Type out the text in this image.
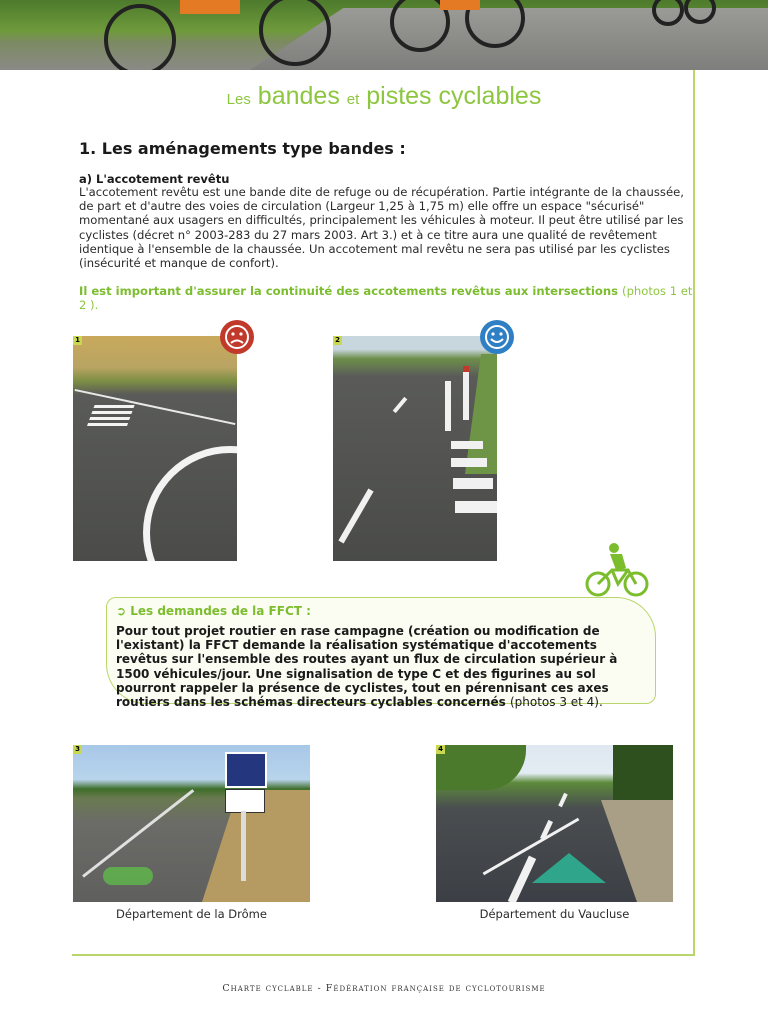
Les bandes et pistes cyclables
1. Les aménagements type bandes :
a) L'accotement revêtu
L'accotement revêtu est une bande dite de refuge ou de récupération. Partie intégrante de la chaussée, de part et d'autre des voies de circulation (Largeur 1,25 à 1,75 m) elle offre un espace "sécurisé" momentané aux usagers en difficultés, principalement les véhicules à moteur. Il peut être utilisé par les cyclistes (décret n° 2003-283 du 27 mars 2003. Art 3.) et à ce titre aura une qualité de revêtement identique à l'ensemble de la chaussée. Un accotement mal revêtu ne sera pas utilisé par les cyclistes (insécurité et manque de confort).
Il est important d'assurer la continuité des accotements revêtus aux intersections (photos 1 et 2 ).
1	2
➲ Les demandes de la FFCT :
Pour tout projet routier en rase campagne (création ou modification de l'existant) la FFCT demande la réalisation systématique d'accotements revêtus sur l'ensemble des routes ayant un flux de circulation supérieur à 1500 véhicules/jour. Une signalisation de type C et des figurines au sol pourront rappeler la présence de cyclistes, tout en pérennisant ces axes routiers dans les schémas directeurs cyclables concernés (photos 3 et 4).
3	4
Département de la Drôme	Département du Vaucluse
Charte cyclable - Fédération française de cyclotourisme
